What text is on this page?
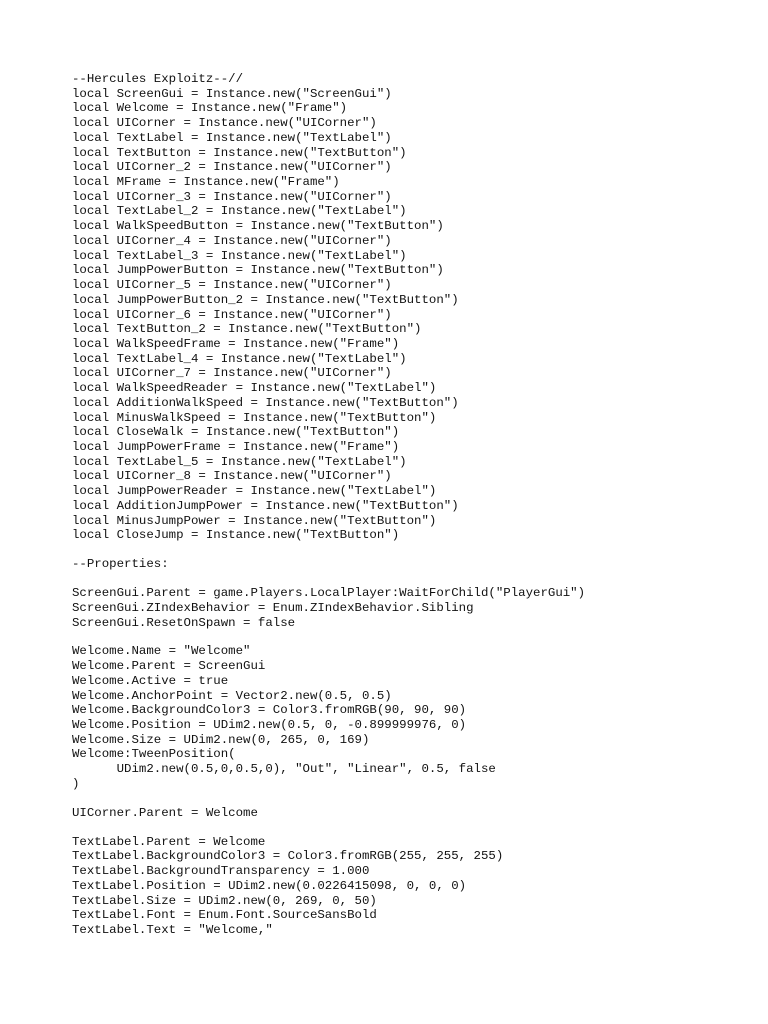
--Hercules Exploitz--//
local ScreenGui = Instance.new("ScreenGui")
local Welcome = Instance.new("Frame")
local UICorner = Instance.new("UICorner")
local TextLabel = Instance.new("TextLabel")
local TextButton = Instance.new("TextButton")
local UICorner_2 = Instance.new("UICorner")
local MFrame = Instance.new("Frame")
local UICorner_3 = Instance.new("UICorner")
local TextLabel_2 = Instance.new("TextLabel")
local WalkSpeedButton = Instance.new("TextButton")
local UICorner_4 = Instance.new("UICorner")
local TextLabel_3 = Instance.new("TextLabel")
local JumpPowerButton = Instance.new("TextButton")
local UICorner_5 = Instance.new("UICorner")
local JumpPowerButton_2 = Instance.new("TextButton")
local UICorner_6 = Instance.new("UICorner")
local TextButton_2 = Instance.new("TextButton")
local WalkSpeedFrame = Instance.new("Frame")
local TextLabel_4 = Instance.new("TextLabel")
local UICorner_7 = Instance.new("UICorner")
local WalkSpeedReader = Instance.new("TextLabel")
local AdditionWalkSpeed = Instance.new("TextButton")
local MinusWalkSpeed = Instance.new("TextButton")
local CloseWalk = Instance.new("TextButton")
local JumpPowerFrame = Instance.new("Frame")
local TextLabel_5 = Instance.new("TextLabel")
local UICorner_8 = Instance.new("UICorner")
local JumpPowerReader = Instance.new("TextLabel")
local AdditionJumpPower = Instance.new("TextButton")
local MinusJumpPower = Instance.new("TextButton")
local CloseJump = Instance.new("TextButton")
--Properties:
ScreenGui.Parent = game.Players.LocalPlayer:WaitForChild("PlayerGui")
ScreenGui.ZIndexBehavior = Enum.ZIndexBehavior.Sibling
ScreenGui.ResetOnSpawn = false
Welcome.Name = "Welcome"
Welcome.Parent = ScreenGui
Welcome.Active = true
Welcome.AnchorPoint = Vector2.new(0.5, 0.5)
Welcome.BackgroundColor3 = Color3.fromRGB(90, 90, 90)
Welcome.Position = UDim2.new(0.5, 0, -0.899999976, 0)
Welcome.Size = UDim2.new(0, 265, 0, 169)
Welcome:TweenPosition(
UDim2.new(0.5,0,0.5,0), "Out", "Linear", 0.5, false
)
UICorner.Parent = Welcome
TextLabel.Parent = Welcome
TextLabel.BackgroundColor3 = Color3.fromRGB(255, 255, 255)
TextLabel.BackgroundTransparency = 1.000
TextLabel.Position = UDim2.new(0.0226415098, 0, 0, 0)
TextLabel.Size = UDim2.new(0, 269, 0, 50)
TextLabel.Font = Enum.Font.SourceSansBold
TextLabel.Text = "Welcome,"
